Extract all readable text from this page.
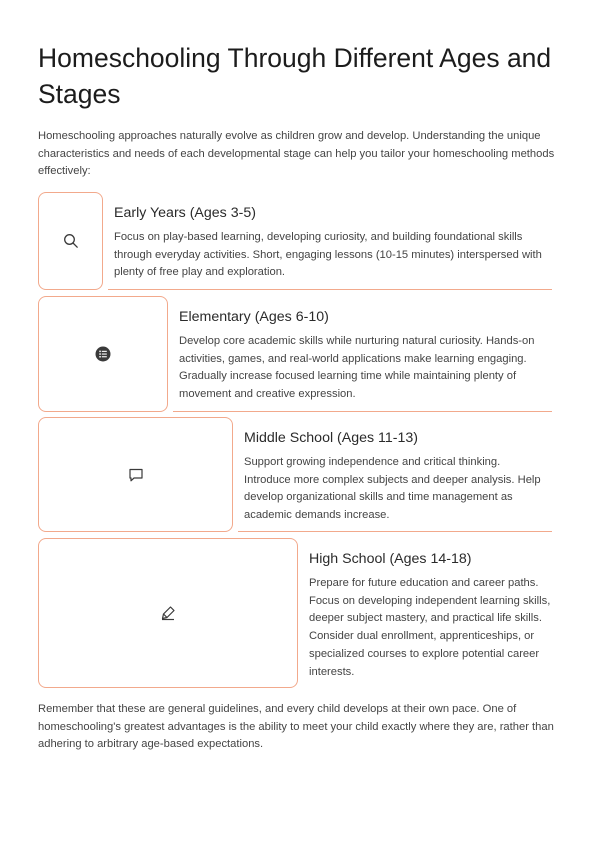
Homeschooling Through Different Ages and Stages

Homeschooling approaches naturally evolve as children grow and develop. Understanding the unique characteristics and needs of each developmental stage can help you tailor your homeschooling methods effectively:

Early Years (Ages 3-5)

Focus on play-based learning, developing curiosity, and building foundational skills through everyday activities. Short, engaging lessons (10-15 minutes) interspersed with plenty of free play and exploration.

Elementary (Ages 6-10)

Develop core academic skills while nurturing natural curiosity. Hands-on activities, games, and real-world applications make learning engaging. Gradually increase focused learning time while maintaining plenty of movement and creative expression.

Middle School (Ages 11-13)

Support growing independence and critical thinking. Introduce more complex subjects and deeper analysis. Help develop organizational skills and time management as academic demands increase.

High School (Ages 14-18)

Prepare for future education and career paths. Focus on developing independent learning skills, deeper subject mastery, and practical life skills. Consider dual enrollment, apprenticeships, or specialized courses to explore potential career interests.

Remember that these are general guidelines, and every child develops at their own pace. One of homeschooling's greatest advantages is the ability to meet your child exactly where they are, rather than adhering to arbitrary age-based expectations.
